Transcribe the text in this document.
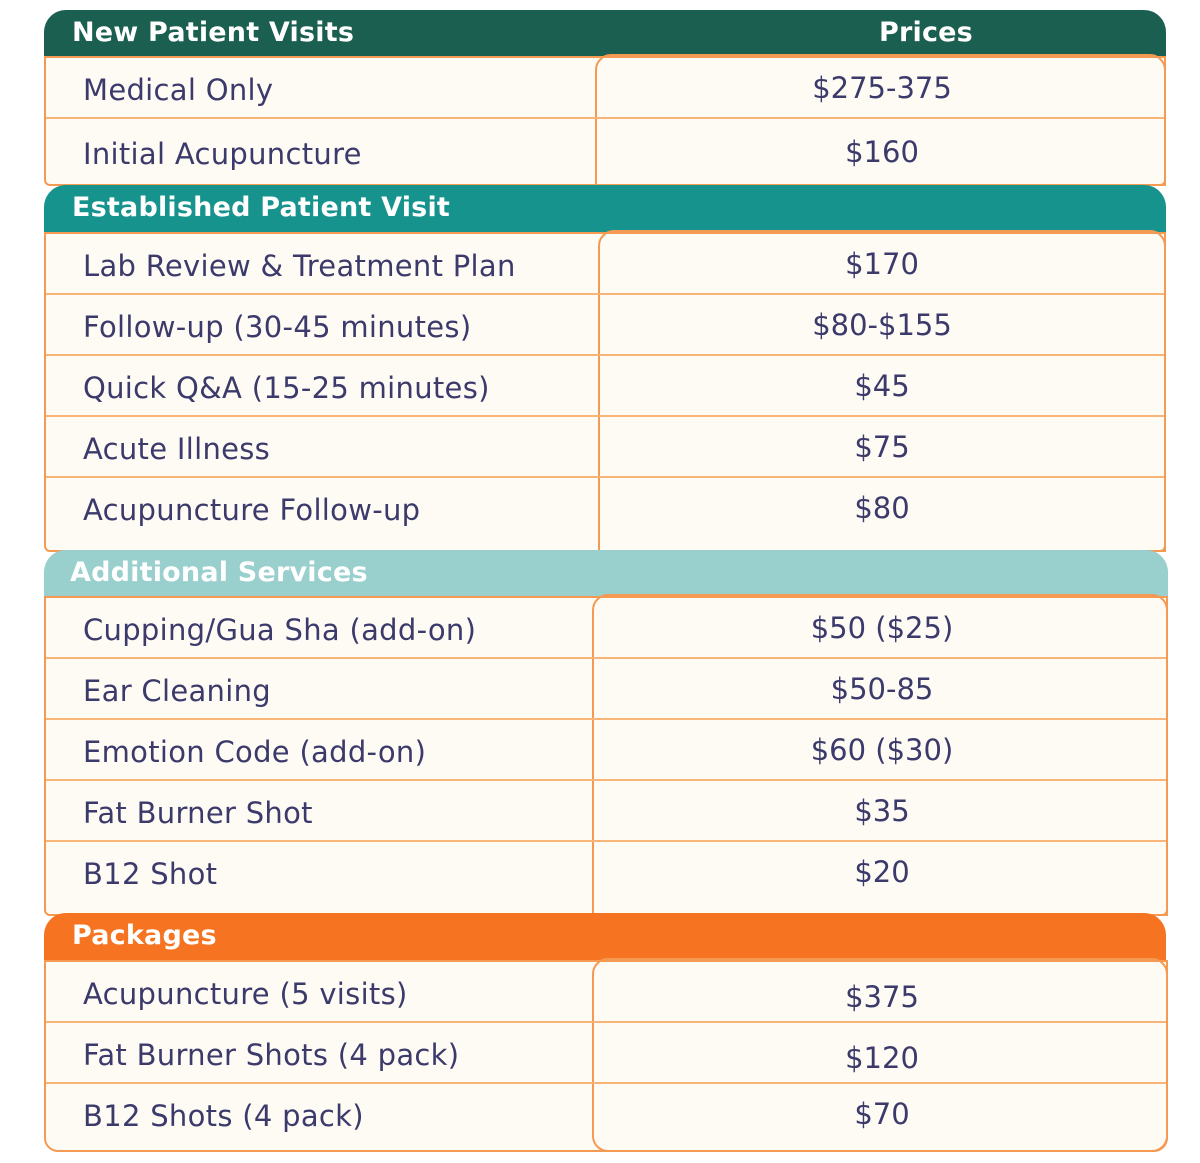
New Patient Visits	Prices
Medical Only	$275-375
Initial Acupuncture	$160
Established Patient Visit
Lab Review & Treatment Plan	$170
Follow-up (30-45 minutes)	$80-$155
Quick Q&A (15-25 minutes)	$45
Acute Illness	$75
Acupuncture Follow-up	$80
Additional Services
Cupping/Gua Sha (add-on)	$50 ($25)
Ear Cleaning	$50-85
Emotion Code (add-on)	$60 ($30)
Fat Burner Shot	$35
B12 Shot	$20
Packages
Acupuncture (5 visits)	$375
Fat Burner Shots (4 pack)	$120
B12 Shots (4 pack)	$70
